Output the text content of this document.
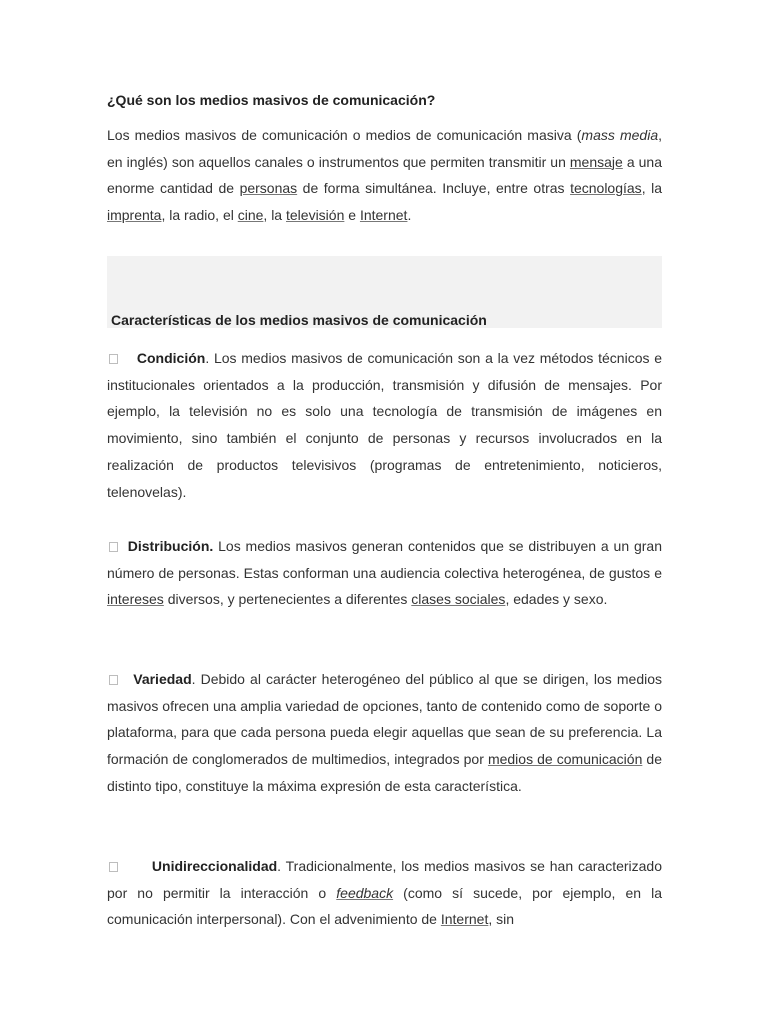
¿Qué son los medios masivos de comunicación?
Los medios masivos de comunicación o medios de comunicación masiva (mass media, en inglés) son aquellos canales o instrumentos que permiten transmitir un mensaje a una enorme cantidad de personas de forma simultánea. Incluye, entre otras tecnologías, la imprenta, la radio, el cine, la televisión e Internet.
Características de los medios masivos de comunicación
Condición. Los medios masivos de comunicación son a la vez métodos técnicos e institucionales orientados a la producción, transmisión y difusión de mensajes. Por ejemplo, la televisión no es solo una tecnología de transmisión de imágenes en movimiento, sino también el conjunto de personas y recursos involucrados en la realización de productos televisivos (programas de entretenimiento, noticieros, telenovelas).
Distribución. Los medios masivos generan contenidos que se distribuyen a un gran número de personas. Estas conforman una audiencia colectiva heterogénea, de gustos e intereses diversos, y pertenecientes a diferentes clases sociales, edades y sexo.
Variedad. Debido al carácter heterogéneo del público al que se dirigen, los medios masivos ofrecen una amplia variedad de opciones, tanto de contenido como de soporte o plataforma, para que cada persona pueda elegir aquellas que sean de su preferencia. La formación de conglomerados de multimedios, integrados por medios de comunicación de distinto tipo, constituye la máxima expresión de esta característica.
Unidireccionalidad. Tradicionalmente, los medios masivos se han caracterizado por no permitir la interacción o feedback (como sí sucede, por ejemplo, en la comunicación interpersonal). Con el advenimiento de Internet, sin
